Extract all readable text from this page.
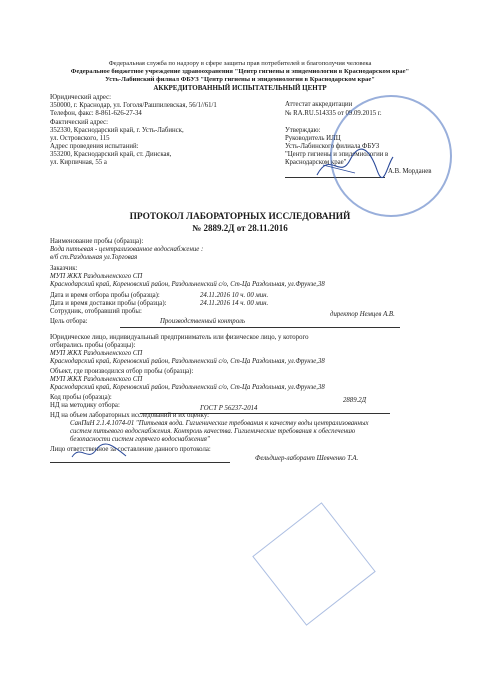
Федеральная служба по надзору в сфере защиты прав потребителей и благополучия человека
Федеральное бюджетное учреждение здравоохранения "Центр гигиены и эпидемиологии в Краснодарском крае"
Усть-Лабинский филиал ФБУЗ "Центр гигиены и эпидемиологии в Краснодарском крае"
АККРЕДИТОВАННЫЙ ИСПЫТАТЕЛЬНЫЙ ЦЕНТР
Юридический адрес:
350000, г. Краснодар, ул. Гоголя/Рашпилевская, 56/1//61/1
Телефон, факс: 8-861-626-27-34
Фактический адрес:
352330, Краснодарский край, г. Усть-Лабинск,
ул. Островского, 115
Адрес проведения испытаний:
353200, Краснодарский край, ст. Динская,
ул. Кирпичная, 55 а
Аттестат аккредитации
№ RA.RU.514335 от 09.09.2015 г.
Утверждаю:
Руководитель ИЛЦ
Усть-Лабинского филиала ФБУЗ
"Центр гигиены и эпидемиологии в
Краснодарском крае"
А.В. Морданев
ПРОТОКОЛ ЛАБОРАТОРНЫХ ИССЛЕДОВАНИЙ
№ 2889.2Д от 28.11.2016
Наименование пробы (образца):
Вода питьевая - централизованное водоснабжение :
в/б ст.Раздольная ул.Торговая
Заказчик:
МУП ЖКХ Раздольненского СП
Краснодарский край, Кореновский район, Раздольненский с/о, Ст-Ца Раздольная, ул.Фрунзе,38
Дата и время отбора пробы (образца):	24.11.2016 10 ч. 00 мин.
Дата и время доставки пробы (образца):	24.11.2016 14 ч. 00 мин.
Сотрудник, отобравший пробы:	директор Немцев А.В.
Цель отбора:	Производственный контроль
Юридическое лицо, индивидуальный предприниматель или физическое лицо, у которого
отбирались пробы (образцы):
МУП ЖКХ Раздольненского СП
Краснодарский край, Кореновский район, Раздольненский с/о, Ст-Ца Раздольная, ул.Фрунзе,38
Объект, где производился отбор пробы (образца):
МУП ЖКХ Раздольненского СП
Краснодарский край, Кореновский район, Раздольненский с/о, Ст-Ца Раздольная, ул.Фрунзе,38
Код пробы (образца):	2889.2Д
НД на методику отбора:	ГОСТ Р 56237-2014
НД на объем лабораторных исследований и их оценку:
СанПиН 2.1.4.1074-01 "Питьевая вода. Гигиенические требования к качеству воды централизованных
систем питьевого водоснабжения. Контроль качества. Гигиенические требования к обеспечению
безопасности систем горячего водоснабжения"
Лицо ответственное за составление данного протокола:
Фельдшер-лаборант Шевченко Т.А.
